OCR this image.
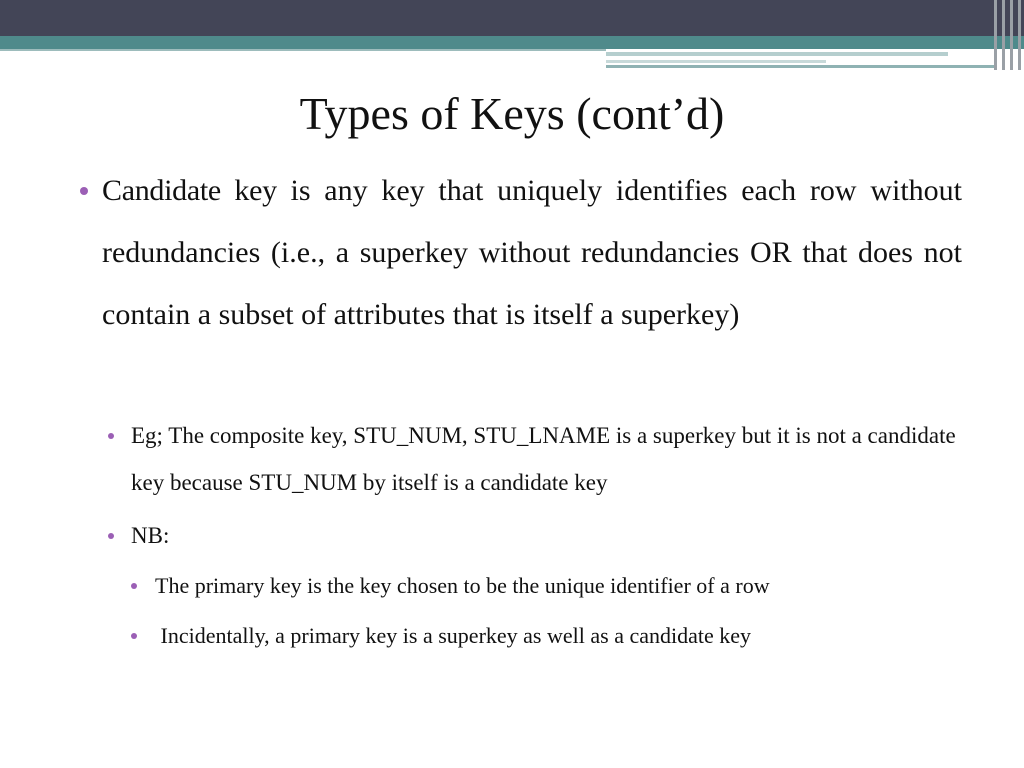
Types of Keys (cont’d)

Candidate key is any key that uniquely identifies each row without redundancies (i.e., a superkey without redundancies OR that does not contain a subset of attributes that is itself a superkey)

Eg; The composite key, STU_NUM, STU_LNAME is a superkey but it is not a candidate key because STU_NUM by itself is a candidate key

NB:

The primary key is the key chosen to be the unique identifier of a row

Incidentally, a primary key is a superkey as well as a candidate key
